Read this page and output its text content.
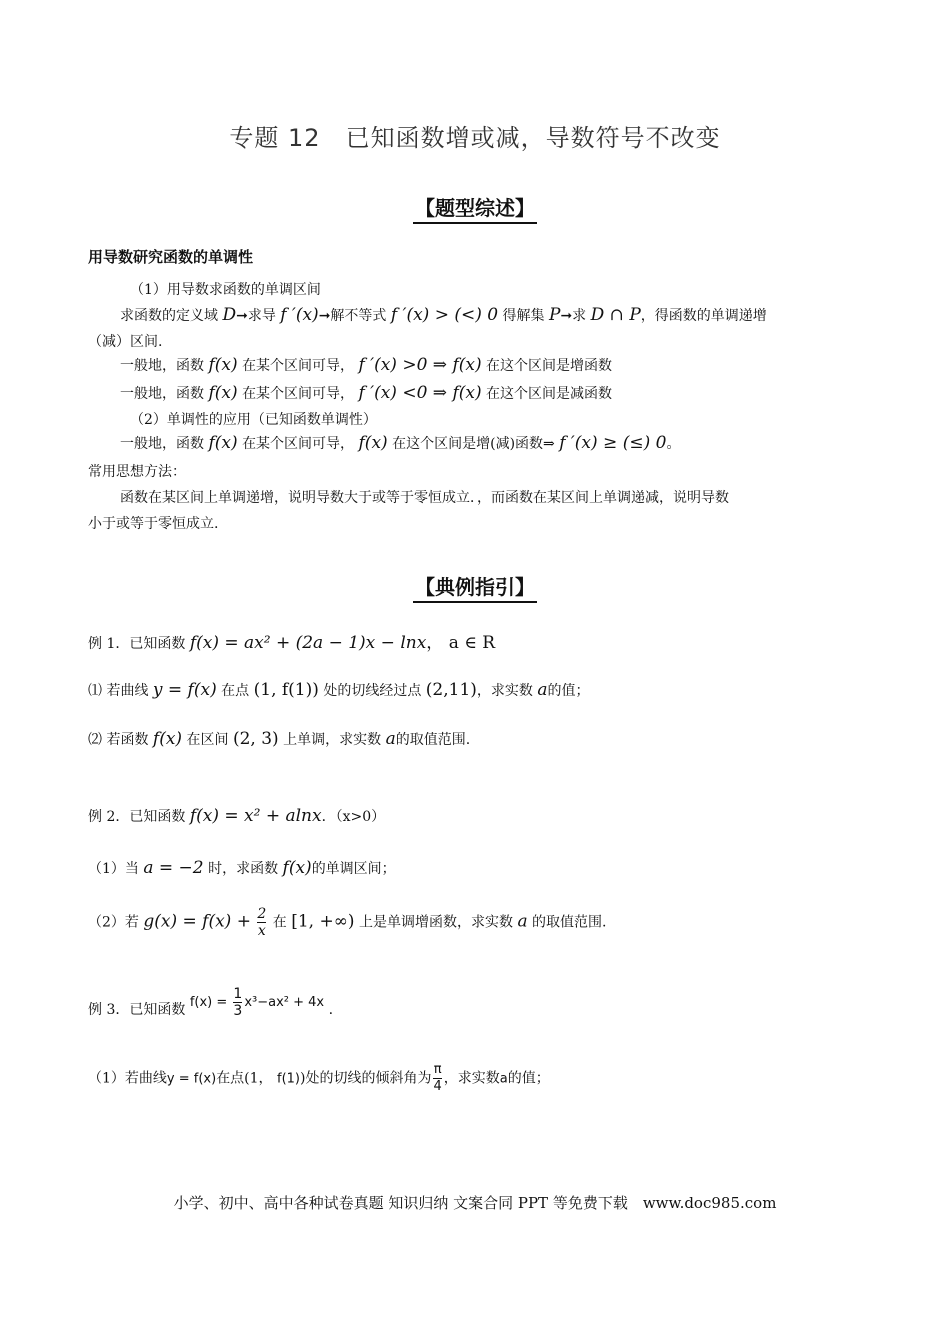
专题 12　已知函数增或减，导数符号不改变
【题型综述】
用导数研究函数的单调性
（1）用导数求函数的单调区间
求函数的定义域 D➞求导 f ′(x)➞解不等式 f ′(x) > (<) 0 得解集 P➞求 D ∩ P，得函数的单调递增
（减）区间.
一般地，函数 f(x) 在某个区间可导， f ′(x) >0 ⇒ f(x) 在这个区间是增函数
一般地，函数 f(x) 在某个区间可导， f ′(x) <0 ⇒ f(x) 在这个区间是减函数
（2）单调性的应用（已知函数单调性）
一般地，函数 f(x) 在某个区间可导， f(x) 在这个区间是增(减)函数⇒ f ′(x) ≥ (≤) 0。
常用思想方法：
函数在某区间上单调递增，说明导数大于或等于零恒成立．，而函数在某区间上单调递减，说明导数
小于或等于零恒成立.
【典例指引】
例 1．已知函数 f(x) = ax² + (2a − 1)x − lnx， a ∈ R
⑴ 若曲线 y = f(x) 在点 (1, f(1)) 处的切线经过点 (2,11)，求实数 a的值；
⑵ 若函数 f(x) 在区间 (2, 3) 上单调，求实数 a的取值范围.
例 2．已知函数 f(x) = x² + alnx．（x>0）
（1）当 a = −2 时，求函数 f(x)的单调区间；
（2）若 $g(x) = f(x) + \frac{2}{x}$ 在 [1, +∞) 上是单调增函数，求实数 a 的取值范围.
例 3．已知函数 $f(x) = \frac{1}{3} x^3-ax^2 + 4x$ .
（1）若曲线y = f(x)在点(1， f(1))处的切线的倾斜角为 $\frac{\pi}{4}$ ，求实数a的值；
小学、初中、高中各种试卷真题 知识归纳 文案合同 PPT 等免费下载　www.doc985.com
